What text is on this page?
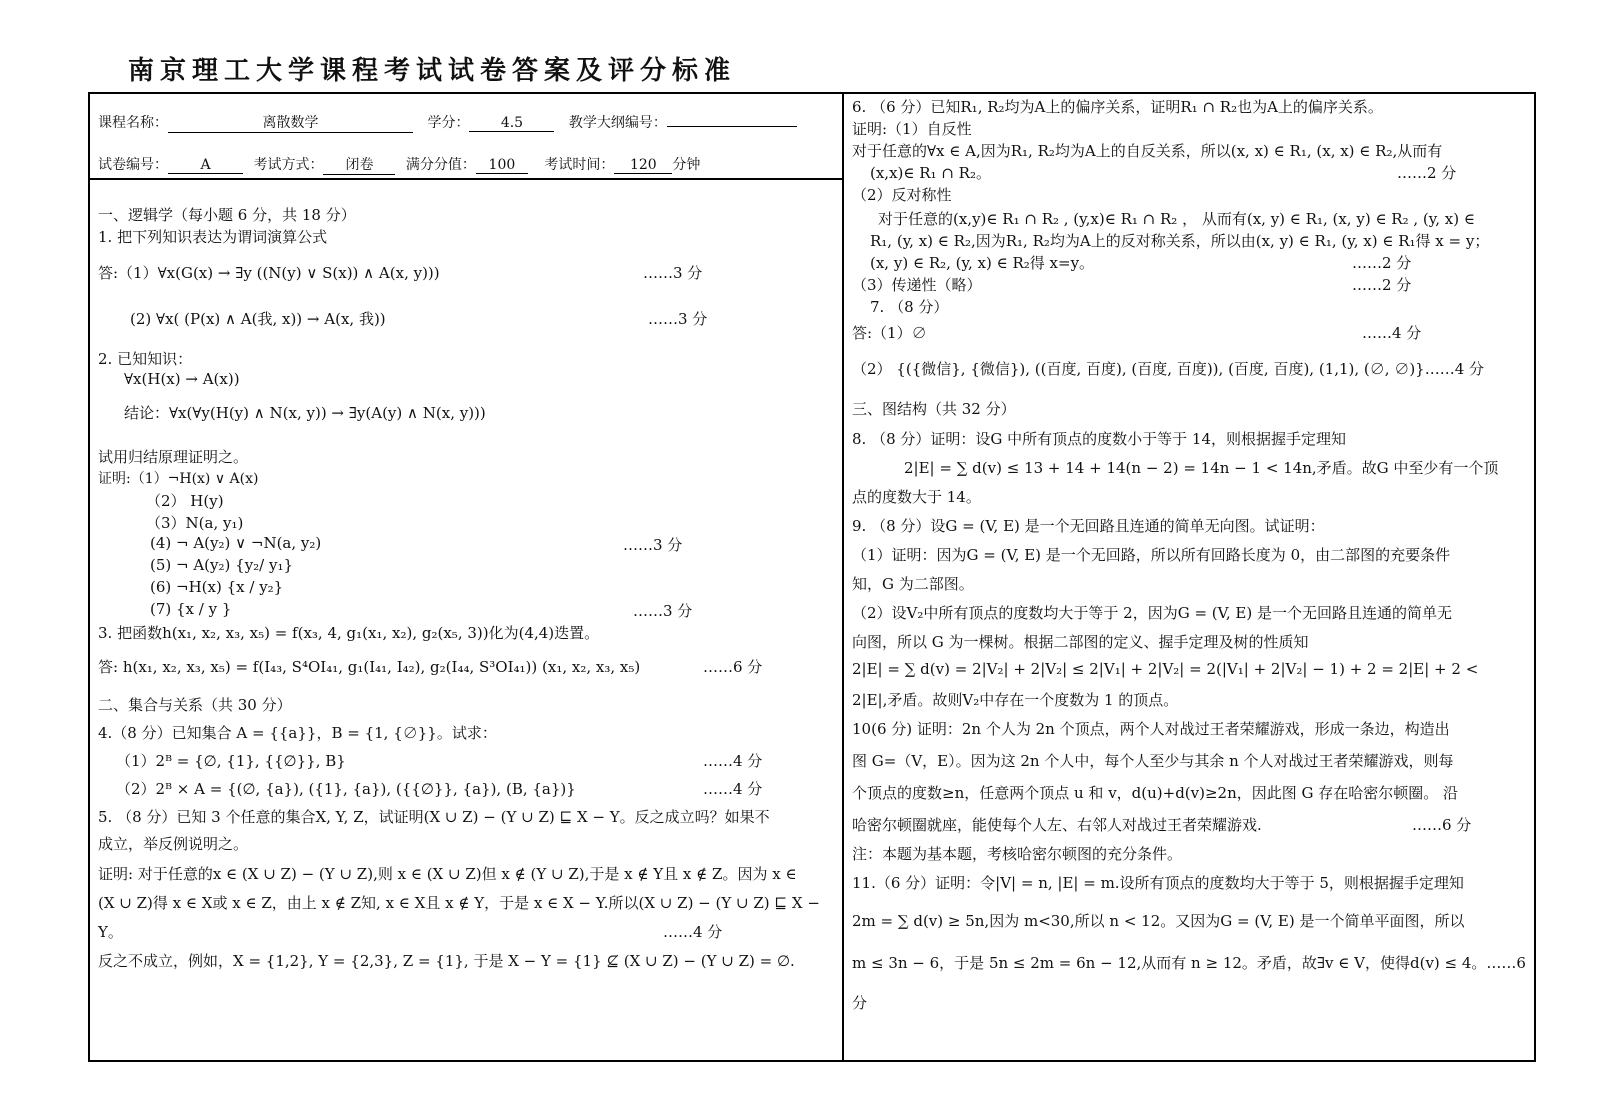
南京理工大学课程考试试卷答案及评分标准
课程名称：	离散数学	学分： 4.5	教学大纲编号：
试卷编号： A	考试方式： 闭卷 满分分值： 100 考试时间： 120 分钟
一、逻辑学（每小题 6 分，共 18 分）
1. 把下列知识表达为谓词演算公式
答:（1）∀x(G(x) → ∃y ((N(y) ∨ S(x)) ∧ A(x, y)))	……3 分
(2) ∀x( (P(x) ∧ A(我, x)) → A(x, 我))	……3 分
2. 已知知识：
∀x(H(x) → A(x))
结论：∀x(∀y(H(y) ∧ N(x, y)) → ∃y(A(y) ∧ N(x, y)))
试用归结原理证明之。
证明:（1）¬H(x) ∨ A(x)
（2） H(y)
（3）N(a, y₁)
(4) ¬ A(y₂) ∨ ¬N(a, y₂)	……3 分
(5) ¬ A(y₂) {y₂/ y₁}
(6) ¬H(x) {x / y₂}
(7) {x / y }	……3 分
3. 把函数h(x₁, x₂, x₃, x₅) = f(x₃, 4, g₁(x₁, x₂), g₂(x₅, 3))化为(4,4)迭置。
答: h(x₁, x₂, x₃, x₅) = f(I₄₃, S⁴OI₄₁, g₁(I₄₁, I₄₂), g₂(I₄₄, S³OI₄₁)) (x₁, x₂, x₃, x₅)	……6 分
二、集合与关系（共 30 分）
4.（8 分）已知集合 A = {{a}}，B = {1, {∅}}。试求：
（1）2ᴮ = {∅, {1}, {{∅}}, B}	……4 分
（2）2ᴮ × A = {(∅, {a}), ({1}, {a}), ({{∅}}, {a}), (B, {a})}	……4 分
5. （8 分）已知 3 个任意的集合X, Y, Z，试证明(X ∪ Z) − (Y ∪ Z) ⊑ X − Y。反之成立吗？如果不
成立，举反例说明之。
证明: 对于任意的x ∈ (X ∪ Z) − (Y ∪ Z),则 x ∈ (X ∪ Z)但 x ∉ (Y ∪ Z),于是 x ∉ Y且 x ∉ Z。因为 x ∈
(X ∪ Z)得 x ∈ X或 x ∈ Z，由上 x ∉ Z知, x ∈ X且 x ∉ Y，于是 x ∈ X − Y.所以(X ∪ Z) − (Y ∪ Z) ⊑ X −
Y。	……4 分
反之不成立，例如，X = {1,2}, Y = {2,3}, Z = {1}, 于是 X − Y = {1} ⊈ (X ∪ Z) − (Y ∪ Z) = ∅.
6. （6 分）已知R₁, R₂均为A上的偏序关系，证明R₁ ∩ R₂也为A上的偏序关系。
证明:（1）自反性
对于任意的∀x ∈ A,因为R₁, R₂均为A上的自反关系，所以(x, x) ∈ R₁, (x, x) ∈ R₂,从而有
(x,x)∈ R₁ ∩ R₂。	……2 分
（2）反对称性
对于任意的(x,y)∈ R₁ ∩ R₂ , (y,x)∈ R₁ ∩ R₂ ， 从而有(x, y) ∈ R₁, (x, y) ∈ R₂ , (y, x) ∈
R₁, (y, x) ∈ R₂,因为R₁, R₂均为A上的反对称关系，所以由(x, y) ∈ R₁, (y, x) ∈ R₁得 x = y；
(x, y) ∈ R₂, (y, x) ∈ R₂得 x=y。	……2 分
（3）传递性（略）	……2 分
7. （8 分）
答:（1）∅	……4 分
（2） {({微信}, {微信}), ((百度, 百度), (百度, 百度)), (百度, 百度), (1,1), (∅, ∅)}……4 分
三、图结构（共 32 分）
8. （8 分）证明：设G 中所有顶点的度数小于等于 14，则根据握手定理知
2|E| = ∑ d(v) ≤ 13 + 14 + 14(n − 2) = 14n − 1 < 14n,矛盾。故G 中至少有一个顶
点的度数大于 14。
9. （8 分）设G = (V, E) 是一个无回路且连通的简单无向图。试证明：
（1）证明：因为G = (V, E) 是一个无回路，所以所有回路长度为 0，由二部图的充要条件
知，G 为二部图。
（2）设V₂中所有顶点的度数均大于等于 2，因为G = (V, E) 是一个无回路且连通的简单无
向图，所以 G 为一棵树。根据二部图的定义、握手定理及树的性质知
2|E| = ∑ d(v) = 2|V₂| + 2|V₂| ≤ 2|V₁| + 2|V₂| = 2(|V₁| + 2|V₂| − 1) + 2 = 2|E| + 2 <
2|E|,矛盾。故则V₂中存在一个度数为 1 的顶点。
10(6 分) 证明：2n 个人为 2n 个顶点，两个人对战过王者荣耀游戏，形成一条边，构造出
图 G=（V，E）。因为这 2n 个人中，每个人至少与其余 n 个人对战过王者荣耀游戏，则每
个顶点的度数≥n，任意两个顶点 u 和 v，d(u)+d(v)≥2n，因此图 G 存在哈密尔顿圈。 沿
哈密尔顿圈就座，能使每个人左、右邻人对战过王者荣耀游戏.	……6 分
注：本题为基本题，考核哈密尔顿图的充分条件。
11.（6 分）证明：令|V| = n, |E| = m.设所有顶点的度数均大于等于 5，则根据握手定理知
2m = ∑ d(v) ≥ 5n,因为 m<30,所以 n < 12。又因为G = (V, E) 是一个简单平面图，所以
m ≤ 3n − 6，于是 5n ≤ 2m = 6n − 12,从而有 n ≥ 12。矛盾，故∃v ∈ V，使得d(v) ≤ 4。……6
分
